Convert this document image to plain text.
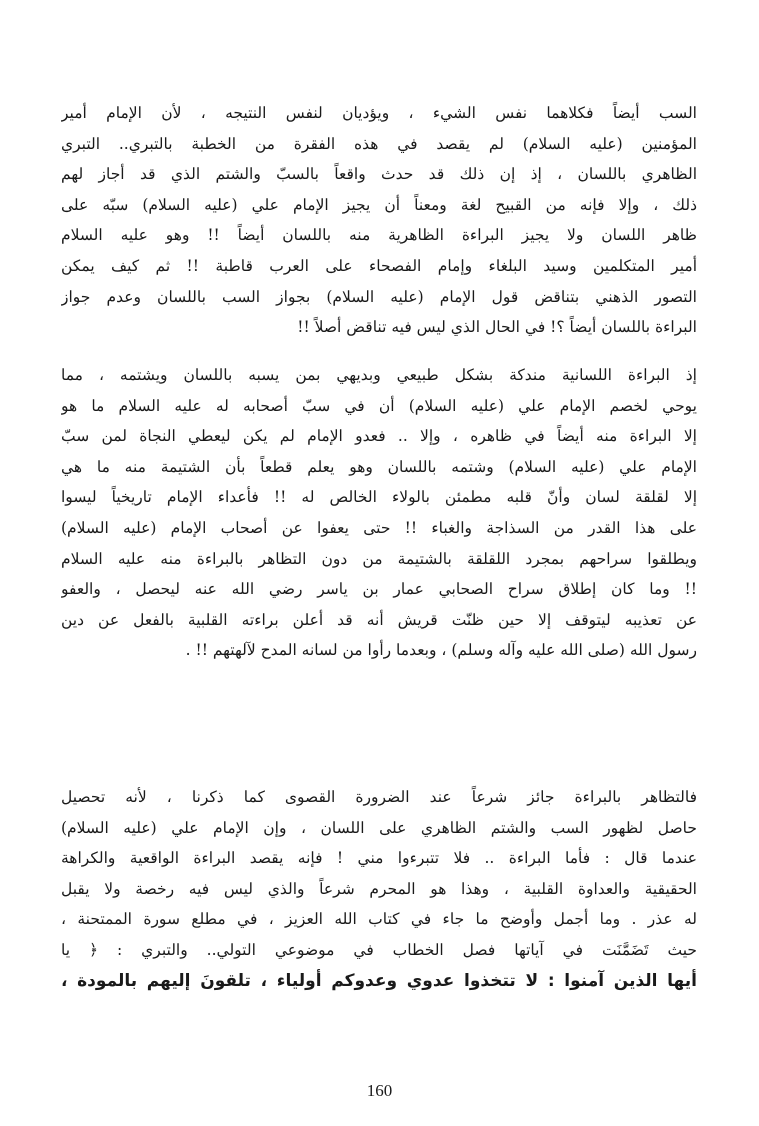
السب أيضاً فكلاهما نفس الشيء ، ويؤديان لنفس النتيجه ، لأن الإمام أمير
المؤمنين (عليه السلام) لم يقصد في هذه الفقرة من الخطبة بالتبري.. التبري
الظاهري باللسان ، إذ إن ذلك قد حدث واقعاً بالسبّ والشتم الذي قد أجاز لهم
ذلك ، وإلا فإنه من القبيح لغة ومعناً أن يجيز الإمام علي (عليه السلام) سبّه على
ظاهر اللسان ولا يجيز البراءة الظاهرية منه باللسان أيضاً !! وهو عليه السلام
أمير المتكلمين وسيد البلغاء وإمام الفصحاء على العرب قاطبة !! ثم كيف يمكن
التصور الذهني بتناقض قول الإمام (عليه السلام) بجواز السب باللسان وعدم جواز
البراءة باللسان أيضاً ؟! في الحال الذي ليس فيه تناقض أصلاً !!
إذ البراءة اللسانية مندكة بشكل طبيعي وبديهي بمن يسبه باللسان ويشتمه ، مما
يوحي لخصم الإمام علي (عليه السلام) أن في سبّ أصحابه له عليه السلام ما هو
إلا البراءة منه أيضاً في ظاهره ، وإلا .. فعدو الإمام لم يكن ليعطي النجاة لمن سبّ
الإمام علي (عليه السلام) وشتمه باللسان وهو يعلم قطعاً بأن الشتيمة منه ما هي
إلا لقلقة لسان وأنّ قلبه مطمئن بالولاء الخالص له !! فأعداء الإمام تاريخياً ليسوا
على هذا القدر من السذاجة والغباء !! حتى يعفوا عن أصحاب الإمام (عليه السلام)
ويطلقوا سراحهم بمجرد اللقلقة بالشتيمة من دون التظاهر بالبراءة منه عليه السلام
!! وما كان إطلاق سراح الصحابي عمار بن ياسر رضي الله عنه ليحصل ، والعفو
عن تعذيبه ليتوقف إلا حين ظنّت قريش أنه قد أعلن براءته القلبية بالفعل عن دين
رسول الله (صلى الله عليه وآله وسلم) ، وبعدما رأوا من لسانه المدح لآلهتهم !! .
فالتظاهر بالبراءة جائز شرعاً عند الضرورة القصوى كما ذكرنا ، لأنه تحصيل
حاصل لظهور السب والشتم الظاهري على اللسان ، وإن الإمام علي (عليه السلام)
عندما قال : فأما البراءة .. فلا تتبرءوا مني ! فإنه يقصد البراءة الواقعية والكراهة
الحقيقية والعداوة القلبية ، وهذا هو المحرم شرعاً والذي ليس فيه رخصة ولا يقبل
له عذر . وما أجمل وأوضح ما جاء في كتاب الله العزيز ، في مطلع سورة الممتحنة ،
حيث تَضَمَّنَت في آياتها فصل الخطاب في موضوعي التولي.. والتبري : ﴿ يا
أيها الذين آمنوا : لا تتخذوا عدوي وعدوكم أولياء ، تلقونَ إليهم بالمودة ،
160
